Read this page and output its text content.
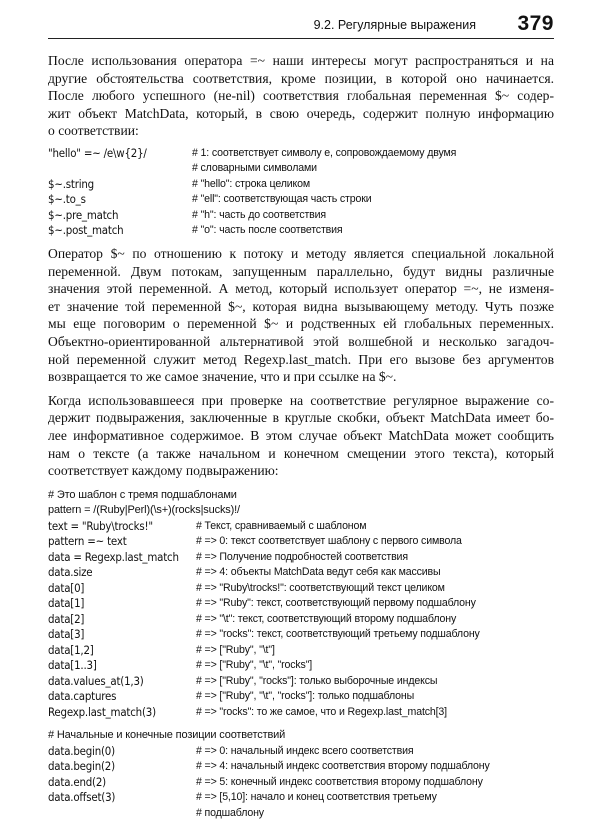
9.2. Регулярные выражения 379

После использования оператора =~ наши интересы могут распространяться и на
другие обстоятельства соответствия, кроме позиции, в которой оно начинается.
После любого успешного (не-nil) соответствия глобальная переменная $~ содер-
жит объект MatchData, который, в свою очередь, содержит полную информацию
о соответствии:

"hello" =~ /e\w{2}/	# 1: соответствует символу e, сопровождаемому двумя
# словарными символами
$~.string	# "hello": строка целиком
$~.to_s	# "ell": соответствующая часть строки
$~.pre_match	# "h": часть до соответствия
$~.post_match	# "o": часть после соответствия

Оператор $~ по отношению к потоку и методу является специальной локальной
переменной. Двум потокам, запущенным параллельно, будут видны различные
значения этой переменной. А метод, который использует оператор =~, не изменя-
ет значение той переменной $~, которая видна вызывающему методу. Чуть позже
мы еще поговорим о переменной $~ и родственных ей глобальных переменных.
Объектно-ориентированной альтернативой этой волшебной и несколько загадоч-
ной переменной служит метод Regexp.last_match. При его вызове без аргументов
возвращается то же самое значение, что и при ссылке на $~.

Когда использовавшееся при проверке на соответствие регулярное выражение со-
держит подвыражения, заключенные в круглые скобки, объект MatchData имеет бо-
лее информативное содержимое. В этом случае объект MatchData может сообщить
нам о тексте (а также начальном и конечном смещении этого текста), который
соответствует каждому подвыражению:

# Это шаблон с тремя подшаблонами
pattern = /(Ruby|Perl)(\s+)(rocks|sucks)!/
text = "Ruby\trocks!"	# Текст, сравниваемый с шаблоном
pattern =~ text	# => 0: текст соответствует шаблону с первого символа
data = Regexp.last_match	# => Получение подробностей соответствия
data.size	# => 4: объекты MatchData ведут себя как массивы
data[0]	# => "Ruby\trocks!": соответствующий текст целиком
data[1]	# => "Ruby": текст, соответствующий первому подшаблону
data[2]	# => "\t": текст, соответствующий второму подшаблону
data[3]	# => "rocks": текст, соответствующий третьему подшаблону
data[1,2]	# => ["Ruby", "\t"]
data[1..3]	# => ["Ruby", "\t", "rocks"]
data.values_at(1,3)	# => ["Ruby", "rocks"]: только выборочные индексы
data.captures	# => ["Ruby", "\t", "rocks"]: только подшаблоны
Regexp.last_match(3)	# => "rocks": то же самое, что и Regexp.last_match[3]
# Начальные и конечные позиции соответствий
data.begin(0)	# => 0: начальный индекс всего соответствия
data.begin(2)	# => 4: начальный индекс соответствия второму подшаблону
data.end(2)	# => 5: конечный индекс соответствия второму подшаблону
data.offset(3)	# => [5,10]: начало и конец соответствия третьему
# подшаблону
